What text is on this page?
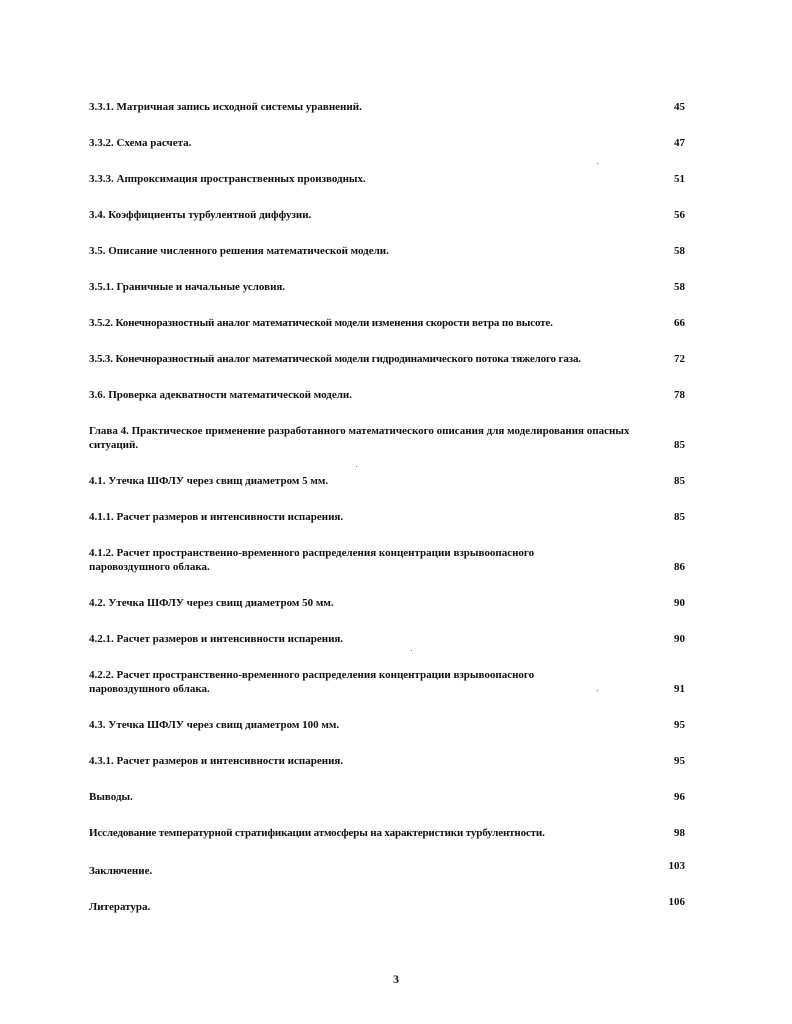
3.3.1. Матричная запись исходной системы уравнений.	45
3.3.2. Схема расчета.	47
3.3.3. Аппроксимация пространственных производных.	51
3.4. Коэффициенты турбулентной диффузии.	56
3.5. Описание численного решения математической модели.	58
3.5.1. Граничные и начальные условия.	58
3.5.2. Конечноразностный аналог математической модели изменения скорости ветра по высоте.	66
3.5.3. Конечноразностный аналог математической модели гидродинамического потока тяжелого газа.	72
3.6. Проверка адекватности математической модели.	78
Глава 4. Практическое применение разработанного математического описания для моделирования опасных ситуаций.	85
4.1. Утечка ШФЛУ через свищ диаметром 5 мм.	85
4.1.1. Расчет размеров и интенсивности испарения.	85
4.1.2. Расчет пространственно-временного распределения концентрации взрывоопасного паровоздушного облака.	86
4.2. Утечка ШФЛУ через свищ диаметром 50 мм.	90
4.2.1. Расчет размеров и интенсивности испарения.	90
4.2.2. Расчет пространственно-временного распределения концентрации взрывоопасного паровоздушного облака.	91
4.3. Утечка ШФЛУ через свищ диаметром 100 мм.	95
4.3.1. Расчет размеров и интенсивности испарения.	95
Выводы.	96
Исследование температурной стратификации атмосферы на характеристики турбулентности.	98
Заключение.	103
Литература.	106
3
